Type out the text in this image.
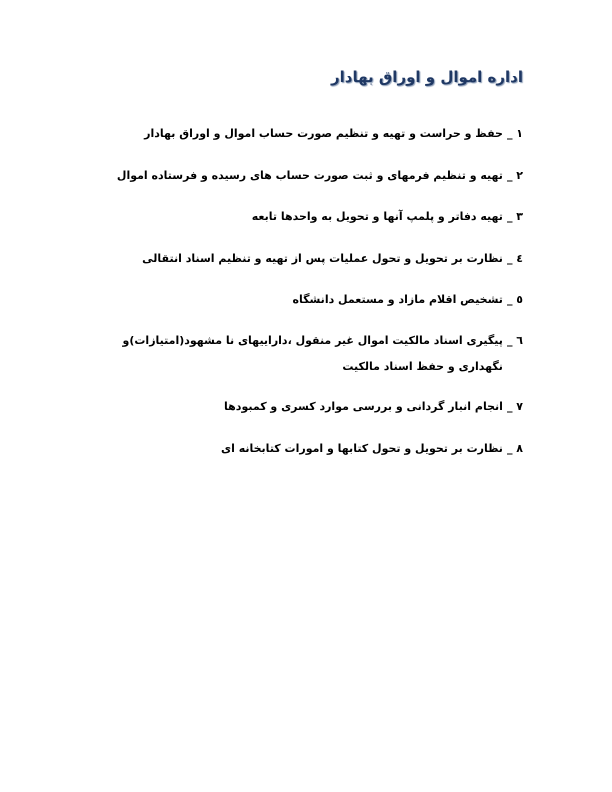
اداره اموال و اوراق بهادار
۱ _
حفظ و حراست و تهیه و تنظیم صورت حساب اموال و اوراق بهادار
۲ _
تهیه و تنظیم فرمهای و ثبت صورت حساب های رسیده و فرستاده اموال
۳ _
تهیه دفاتر و پلمپ آنها و تحویل به واحدها تابعه
٤ _
نظارت بر تحویل و تحول عملیات پس از تهیه و تنظیم اسناد انتقالی
٥ _
تشخیص اقلام مازاد و مستعمل دانشگاه
٦ _
پیگیری اسناد مالکیت اموال غیر منقول ،داراییهای نا مشهود(امتیازات)و نگهداری و حفظ اسناد مالکیت
۷ _
انجام انبار گردانی و بررسی موارد کسری و کمبودها
۸ _
نظارت بر تحویل و تحول کتابها و امورات کتابخانه ای
